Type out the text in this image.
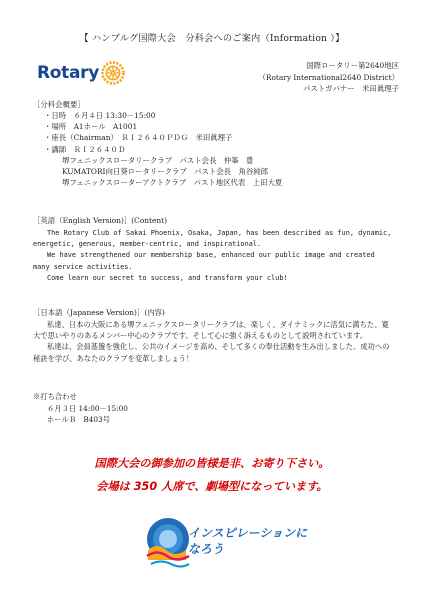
【 ハンブルグ国際大会　分科会へのご案内（Information ）】
Rotary	国際ロータリー第2640地区
（Rotary International2640 District）
パストガバナー　米田眞理子
［分科会概要］
・日時　６月４日 13:30－15:00
・場所　A1ホール　A1001
・座長（Chairman）　ＲＩ２６４０ＰＤＧ　米田眞理子
・講師　ＲＩ２６４０Ｄ
堺フェニックスロータリークラブ　パスト会長　仲峯　豊
KUMATORI向日葵ロータリークラブ　パスト会長　角谷純郎
堺フェニックスローターアクトクラブ　パスト地区代表　上田大夏
［英語（English Version)］(Content)

The Rotary Club of Sakai Phoenix, Osaka, Japan, has been described as fun, dynamic, energetic, generous, member-centric, and inspirational.

We have strengthened our membership base, enhanced our public image and created many service activities.

Come learn our secret to success, and transform your club!

［日本語（Japanese Version)］(内容)

私達、日本の大阪にある堺フェニックスロータリークラブは、楽しく、ダイナミックに活気に満ちた、寛大で思いやりのあるメンバー中心のクラブです。そして心に強く訴えるものとして説明されています。

私達は、会員基盤を強化し、公共のイメージを高め、そして多くの奉仕活動を生み出しました。成功への秘訣を学び、あなたのクラブを変革しましょう！

※打ち合わせ
６月３日 14:00－15:00
ホールＢ　B403号
国際大会の御参加の皆様是非、お寄り下さい。
会場は 350 人席で、劇場型になっています。
インスピレーションに
なろう
